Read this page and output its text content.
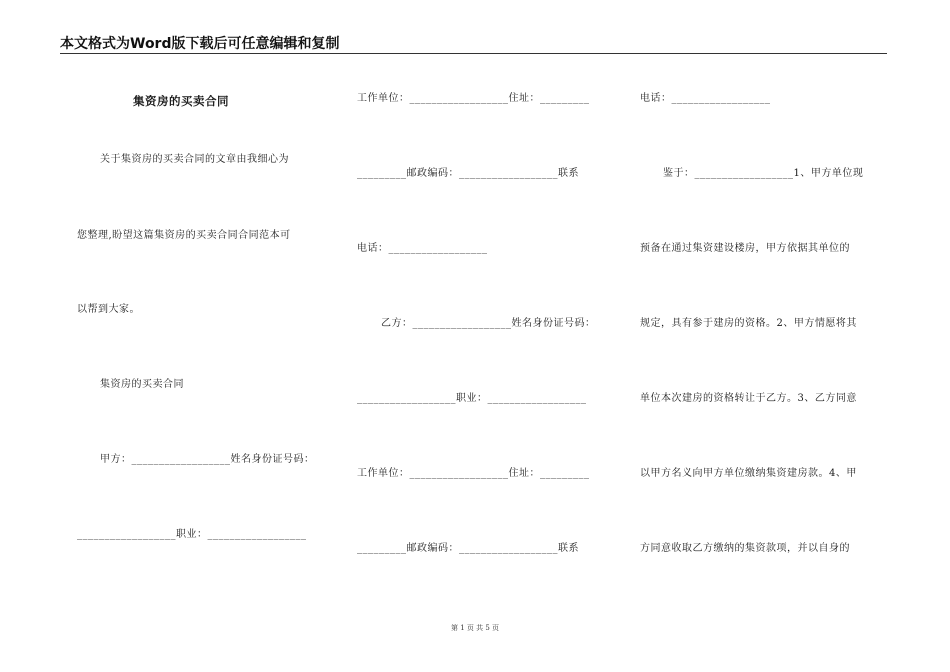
本文格式为Word版下载后可任意编辑和复制
集资房的买卖合同
关于集资房的买卖合同的文章由我细心为
您整理,盼望这篇集资房的买卖合同合同范本可
以帮到大家。
集资房的买卖合同
甲方：__________________姓名身份证号码：
__________________职业：__________________
工作单位：__________________住址：_________
_________邮政编码：__________________联系
电话：__________________
乙方：__________________姓名身份证号码：
__________________职业：__________________
工作单位：__________________住址：_________
_________邮政编码：__________________联系
电话：__________________
鉴于：__________________1、甲方单位现
预备在通过集资建设楼房，甲方依据其单位的
规定，具有参于建房的资格。2、甲方情愿将其
单位本次建房的资格转让于乙方。3、乙方同意
以甲方名义向甲方单位缴纳集资建房款。4、甲
方同意收取乙方缴纳的集资款项，并以自身的
第 1 页 共 5 页
